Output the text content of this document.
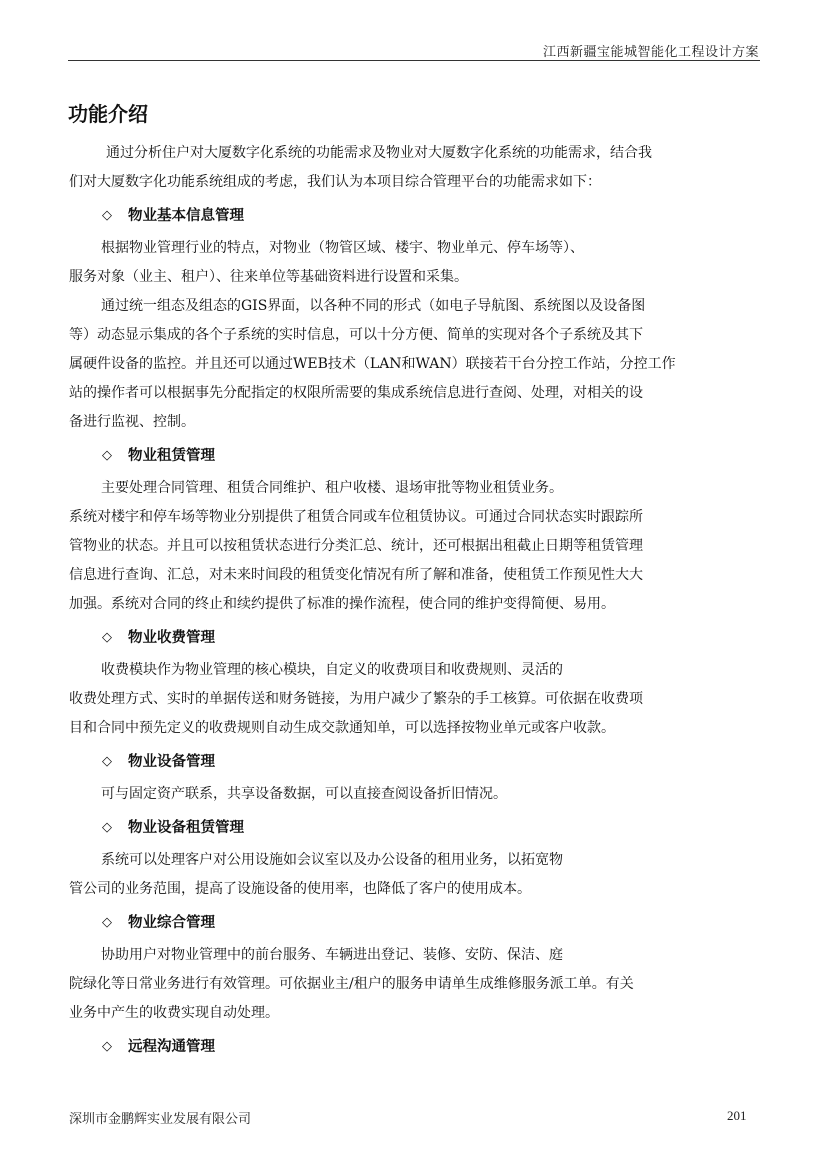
江西新疆宝能城智能化工程设计方案
功能介绍

通过分析住户对大厦数字化系统的功能需求及物业对大厦数字化系统的功能需求，结合我

们对大厦数字化功能系统组成的考虑，我们认为本项目综合管理平台的功能需求如下：

◇	物业基本信息管理

根据物业管理行业的特点，对物业（物管区域、楼宇、物业单元、停车场等）、

服务对象（业主、租户）、往来单位等基础资料进行设置和采集。

通过统一组态及组态的GIS界面，以各种不同的形式（如电子导航图、系统图以及设备图

等）动态显示集成的各个子系统的实时信息，可以十分方便、简单的实现对各个子系统及其下

属硬件设备的监控。并且还可以通过WEB技术（LAN和WAN）联接若干台分控工作站，分控工作

站的操作者可以根据事先分配指定的权限所需要的集成系统信息进行查阅、处理，对相关的设

备进行监视、控制。

◇	物业租赁管理

主要处理合同管理、租赁合同维护、租户收楼、退场审批等物业租赁业务。

系统对楼宇和停车场等物业分别提供了租赁合同或车位租赁协议。可通过合同状态实时跟踪所

管物业的状态。并且可以按租赁状态进行分类汇总、统计，还可根据出租截止日期等租赁管理

信息进行查询、汇总，对未来时间段的租赁变化情况有所了解和准备，使租赁工作预见性大大

加强。系统对合同的终止和续约提供了标准的操作流程，使合同的维护变得简便、易用。

◇	物业收费管理

收费模块作为物业管理的核心模块，自定义的收费项目和收费规则、灵活的

收费处理方式、实时的单据传送和财务链接，为用户减少了繁杂的手工核算。可依据在收费项

目和合同中预先定义的收费规则自动生成交款通知单，可以选择按物业单元或客户收款。

◇	物业设备管理

可与固定资产联系，共享设备数据，可以直接查阅设备折旧情况。

◇	物业设备租赁管理

系统可以处理客户对公用设施如会议室以及办公设备的租用业务，以拓宽物

管公司的业务范围，提高了设施设备的使用率，也降低了客户的使用成本。

◇	物业综合管理

协助用户对物业管理中的前台服务、车辆进出登记、装修、安防、保洁、庭

院绿化等日常业务进行有效管理。可依据业主/租户的服务申请单生成维修服务派工单。有关

业务中产生的收费实现自动处理。

◇	远程沟通管理
深圳市金鹏辉实业发展有限公司	201
